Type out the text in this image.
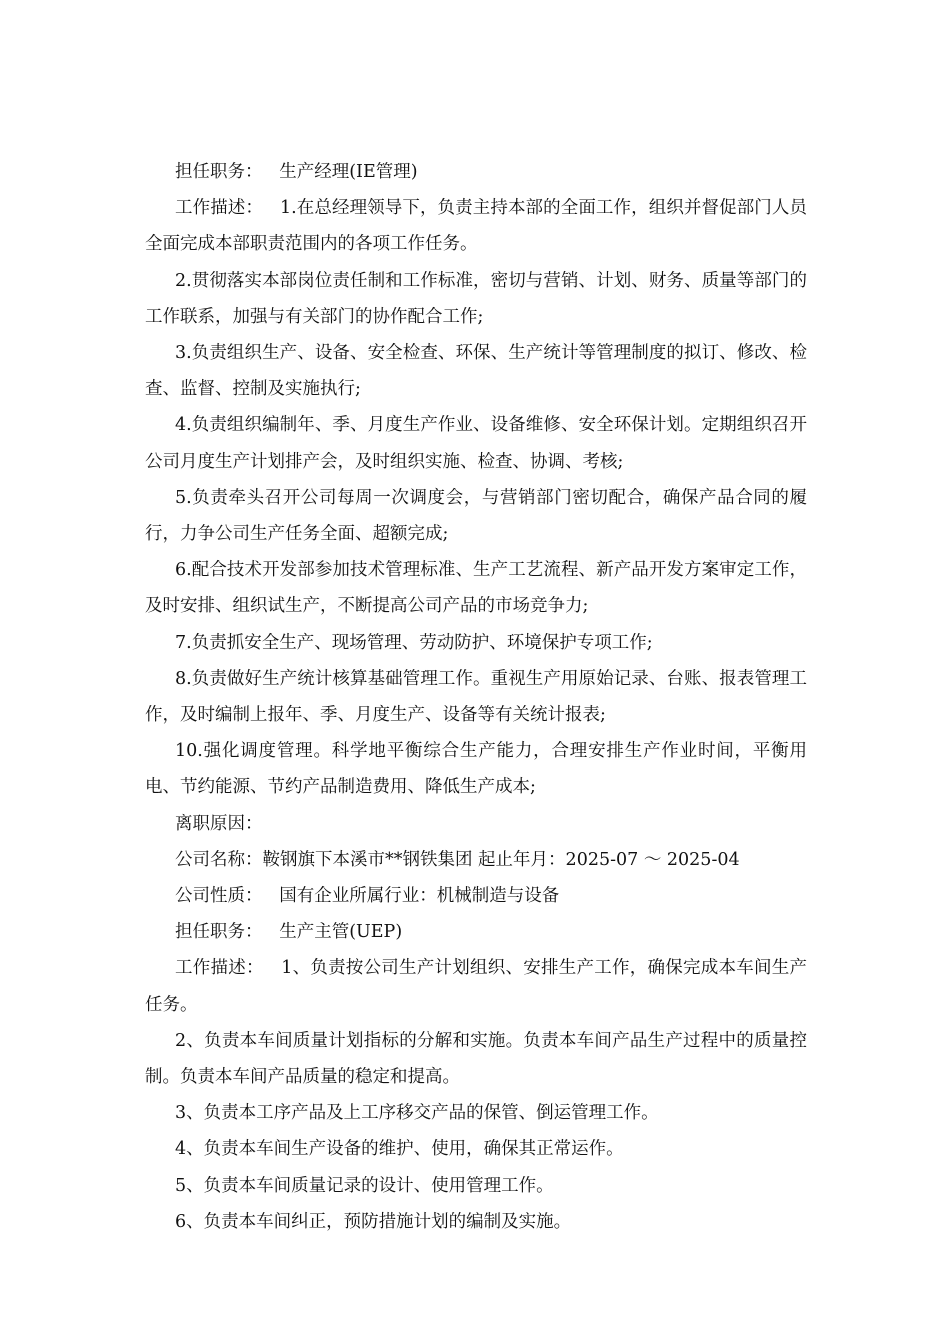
担任职务： 生产经理(IE管理)

工作描述： 1.在总经理领导下，负责主持本部的全面工作，组织并督促部门人员全面完成本部职责范围内的各项工作任务。

2.贯彻落实本部岗位责任制和工作标准，密切与营销、计划、财务、质量等部门的工作联系，加强与有关部门的协作配合工作;

3.负责组织生产、设备、安全检查、环保、生产统计等管理制度的拟订、修改、检查、监督、控制及实施执行;

4.负责组织编制年、季、月度生产作业、设备维修、安全环保计划。定期组织召开公司月度生产计划排产会，及时组织实施、检查、协调、考核;

5.负责牵头召开公司每周一次调度会，与营销部门密切配合，确保产品合同的履行，力争公司生产任务全面、超额完成;

6.配合技术开发部参加技术管理标准、生产工艺流程、新产品开发方案审定工作，及时安排、组织试生产，不断提高公司产品的市场竞争力;

7.负责抓安全生产、现场管理、劳动防护、环境保护专项工作;

8.负责做好生产统计核算基础管理工作。重视生产用原始记录、台账、报表管理工作，及时编制上报年、季、月度生产、设备等有关统计报表;

10.强化调度管理。科学地平衡综合生产能力，合理安排生产作业时间，平衡用电、节约能源、节约产品制造费用、降低生产成本;

离职原因：

公司名称：鞍钢旗下本溪市**钢铁集团 起止年月：2025-07 ～ 2025-04

公司性质： 国有企业所属行业：机械制造与设备

担任职务： 生产主管(UEP)

工作描述： 1、负责按公司生产计划组织、安排生产工作，确保完成本车间生产任务。

2、负责本车间质量计划指标的分解和实施。负责本车间产品生产过程中的质量控制。负责本车间产品质量的稳定和提高。

3、负责本工序产品及上工序移交产品的保管、倒运管理工作。

4、负责本车间生产设备的维护、使用，确保其正常运作。

5、负责本车间质量记录的设计、使用管理工作。

6、负责本车间纠正，预防措施计划的编制及实施。
